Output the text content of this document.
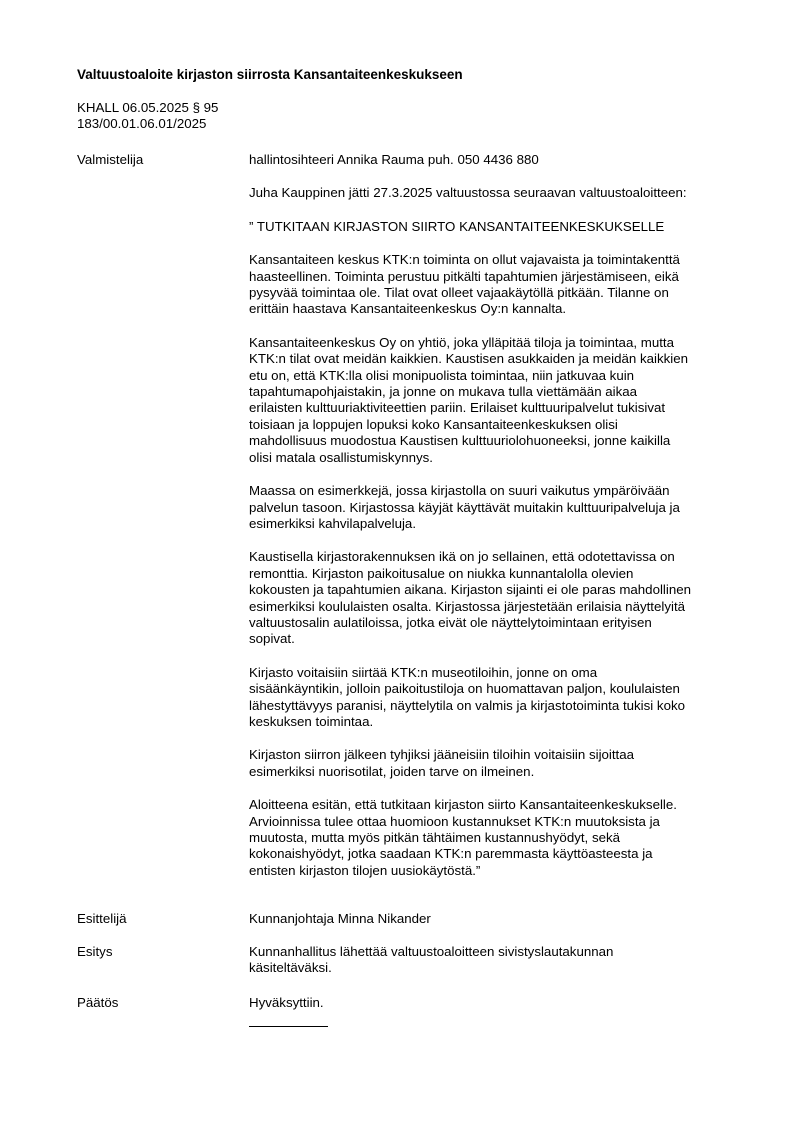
Valtuustoaloite kirjaston siirrosta Kansantaiteenkeskukseen
KHALL 06.05.2025 § 95
183/00.01.06.01/2025
Valmistelija	hallintosihteeri Annika Rauma puh. 050 4436 880

Juha Kauppinen jätti 27.3.2025 valtuustossa seuraavan valtuustoaloitteen:

” TUTKITAAN KIRJASTON SIIRTO KANSANTAITEENKESKUKSELLE

Kansantaiteen keskus KTK:n toiminta on ollut vajavaista ja toimintakenttä
haasteellinen. Toiminta perustuu pitkälti tapahtumien järjestämiseen, eikä
pysyvää toimintaa ole. Tilat ovat olleet vajaakäytöllä pitkään. Tilanne on
erittäin haastava Kansantaiteenkeskus Oy:n kannalta.

Kansantaiteenkeskus Oy on yhtiö, joka ylläpitää tiloja ja toimintaa, mutta
KTK:n tilat ovat meidän kaikkien. Kaustisen asukkaiden ja meidän kaikkien
etu on, että KTK:lla olisi monipuolista toimintaa, niin jatkuvaa kuin
tapahtumapohjaistakin, ja jonne on mukava tulla viettämään aikaa
erilaisten kulttuuriaktiviteettien pariin. Erilaiset kulttuuripalvelut tukisivat
toisiaan ja loppujen lopuksi koko Kansantaiteenkeskuksen olisi
mahdollisuus muodostua Kaustisen kulttuuriolohuoneeksi, jonne kaikilla
olisi matala osallistumiskynnys.

Maassa on esimerkkejä, jossa kirjastolla on suuri vaikutus ympäröivään
palvelun tasoon. Kirjastossa käyjät käyttävät muitakin kulttuuripalveluja ja
esimerkiksi kahvilapalveluja.

Kaustisella kirjastorakennuksen ikä on jo sellainen, että odotettavissa on
remonttia. Kirjaston paikoitusalue on niukka kunnantalolla olevien
kokousten ja tapahtumien aikana. Kirjaston sijainti ei ole paras mahdollinen
esimerkiksi koululaisten osalta. Kirjastossa järjestetään erilaisia näyttelyitä
valtuustosalin aulatiloissa, jotka eivät ole näyttelytoimintaan erityisen
sopivat.

Kirjasto voitaisiin siirtää KTK:n museotiloihin, jonne on oma
sisäänkäyntikin, jolloin paikoitustiloja on huomattavan paljon, koululaisten
lähestyttävyys paranisi, näyttelytila on valmis ja kirjastotoiminta tukisi koko
keskuksen toimintaa.

Kirjaston siirron jälkeen tyhjiksi jääneisiin tiloihin voitaisiin sijoittaa
esimerkiksi nuorisotilat, joiden tarve on ilmeinen.

Aloitteena esitän, että tutkitaan kirjaston siirto Kansantaiteenkeskukselle.
Arvioinnissa tulee ottaa huomioon kustannukset KTK:n muutoksista ja
muutosta, mutta myös pitkän tähtäimen kustannushyödyt, sekä
kokonaishyödyt, jotka saadaan KTK:n paremmasta käyttöasteesta ja
entisten kirjaston tilojen uusiokäytöstä.”

Esittelijä	Kunnanjohtaja Minna Nikander
Esitys	Kunnanhallitus lähettää valtuustoaloitteen sivistyslautakunnan
käsiteltäväksi.
Päätös	Hyväksyttiin.
